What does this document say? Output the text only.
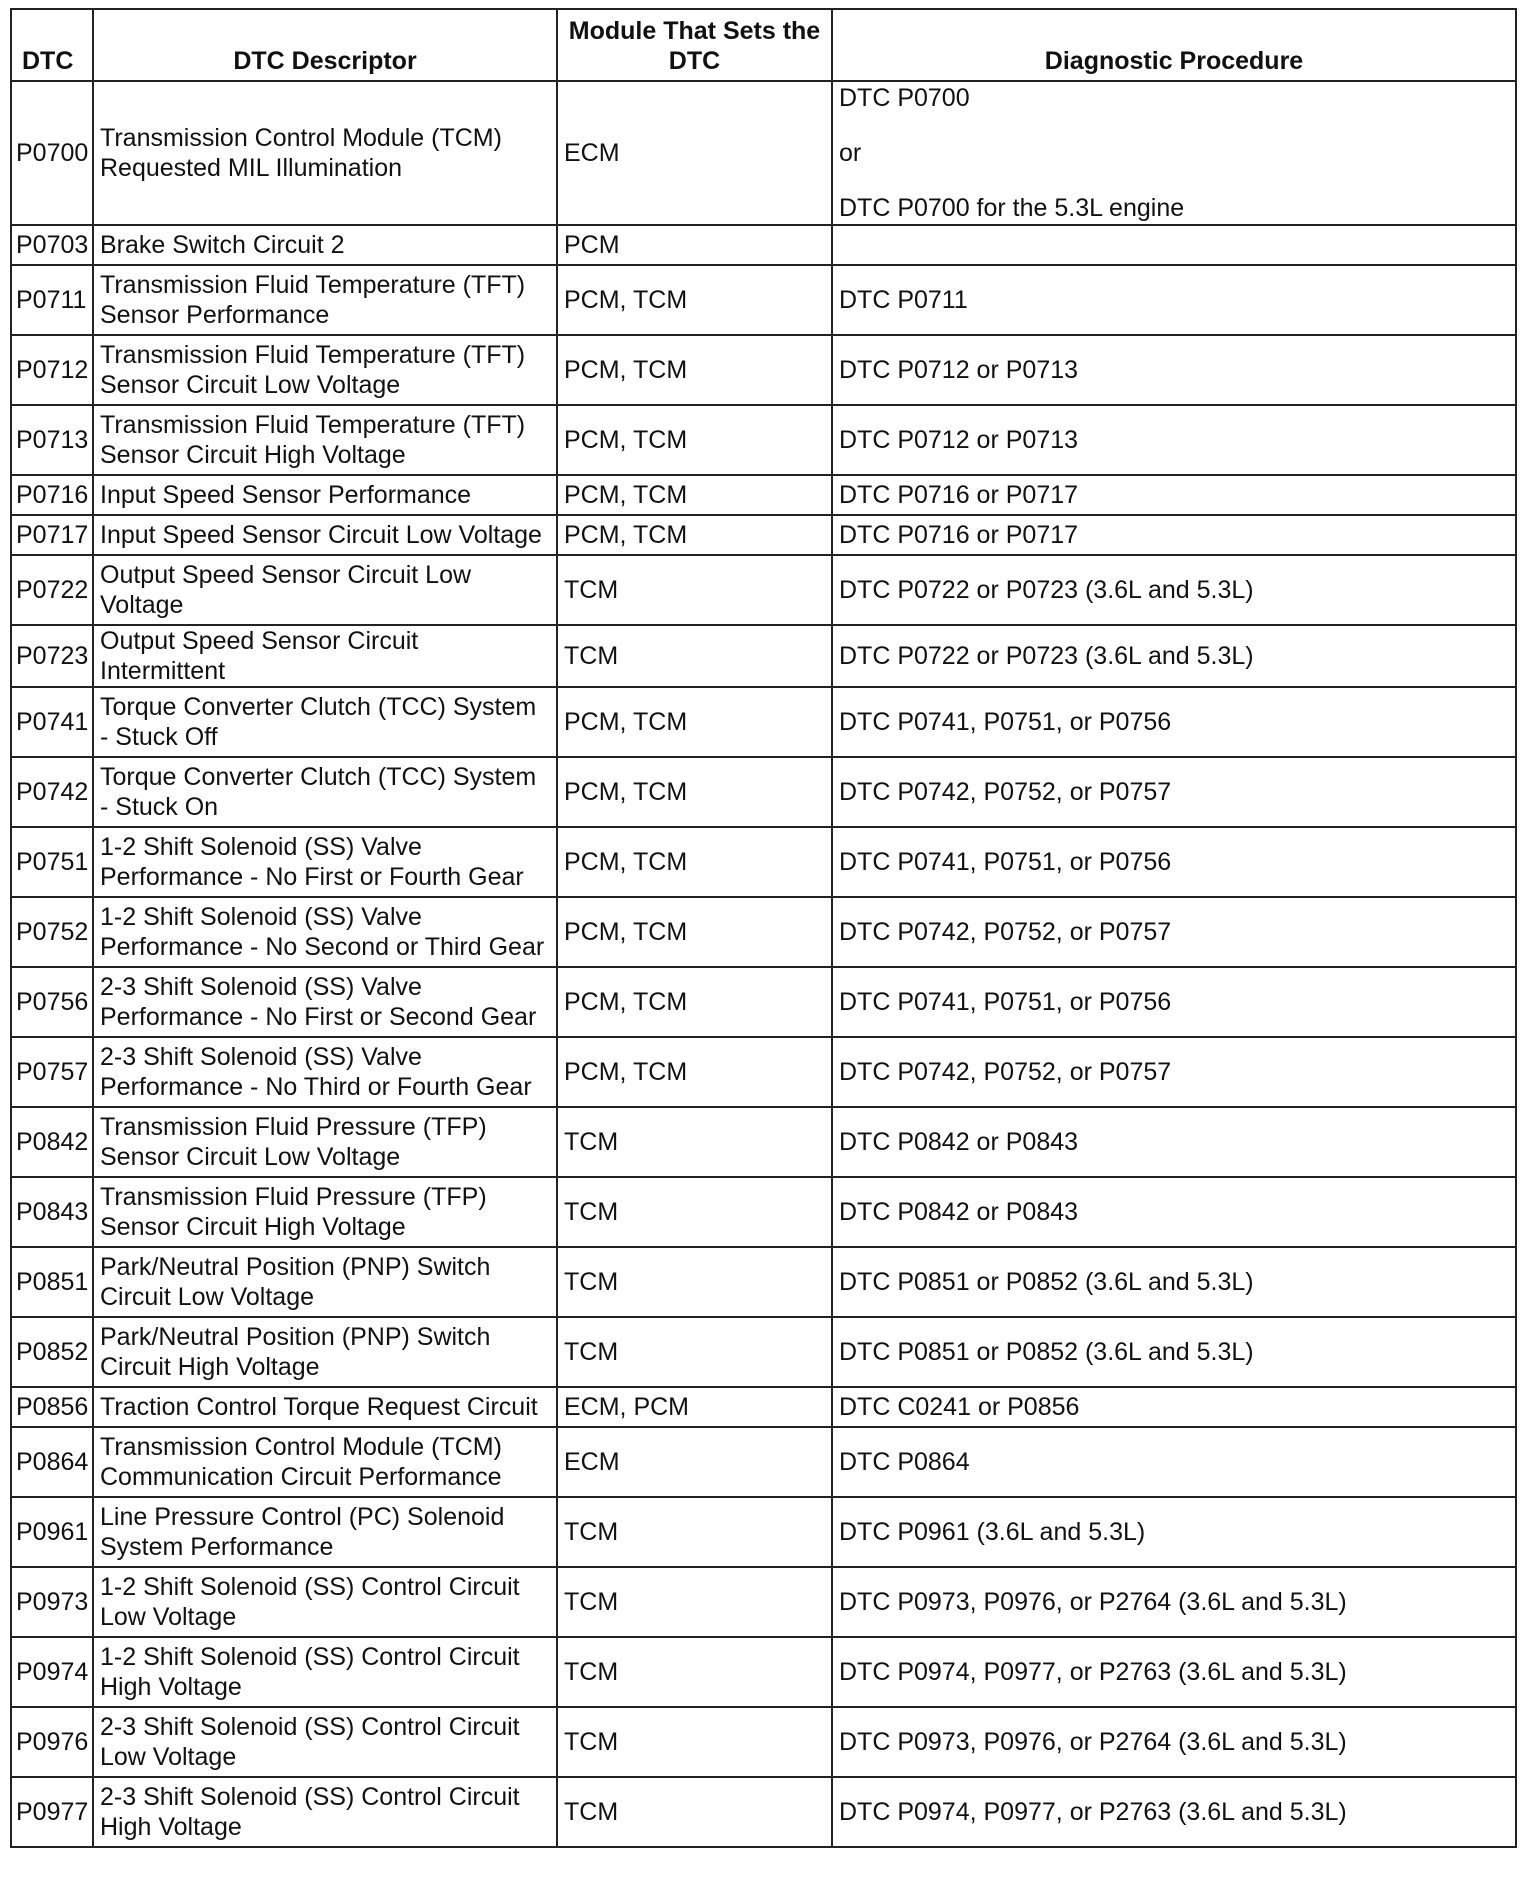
DTC	DTC Descriptor	Module That Sets the
DTC	Diagnostic Procedure
P0700	Transmission Control Module (TCM)
Requested MIL Illumination	ECM	DTC P0700
or
DTC P0700 for the 5.3L engine

P0703	Brake Switch Circuit 2	PCM	
P0711	Transmission Fluid Temperature (TFT)
Sensor Performance	PCM, TCM	DTC P0711
P0712	Transmission Fluid Temperature (TFT)
Sensor Circuit Low Voltage	PCM, TCM	DTC P0712 or P0713
P0713	Transmission Fluid Temperature (TFT)
Sensor Circuit High Voltage	PCM, TCM	DTC P0712 or P0713
P0716	Input Speed Sensor Performance	PCM, TCM	DTC P0716 or P0717
P0717	Input Speed Sensor Circuit Low Voltage	PCM, TCM	DTC P0716 or P0717
P0722	Output Speed Sensor Circuit Low
Voltage	TCM	DTC P0722 or P0723 (3.6L and 5.3L)
P0723	Output Speed Sensor Circuit Intermittent	TCM	DTC P0722 or P0723 (3.6L and 5.3L)
P0741	Torque Converter Clutch (TCC) System
- Stuck Off	PCM, TCM	DTC P0741, P0751, or P0756
P0742	Torque Converter Clutch (TCC) System
- Stuck On	PCM, TCM	DTC P0742, P0752, or P0757
P0751	1-2 Shift Solenoid (SS) Valve
Performance - No First or Fourth Gear	PCM, TCM	DTC P0741, P0751, or P0756
P0752	1-2 Shift Solenoid (SS) Valve
Performance - No Second or Third Gear	PCM, TCM	DTC P0742, P0752, or P0757
P0756	2-3 Shift Solenoid (SS) Valve
Performance - No First or Second Gear	PCM, TCM	DTC P0741, P0751, or P0756
P0757	2-3 Shift Solenoid (SS) Valve
Performance - No Third or Fourth Gear	PCM, TCM	DTC P0742, P0752, or P0757
P0842	Transmission Fluid Pressure (TFP)
Sensor Circuit Low Voltage	TCM	DTC P0842 or P0843
P0843	Transmission Fluid Pressure (TFP)
Sensor Circuit High Voltage	TCM	DTC P0842 or P0843
P0851	Park/Neutral Position (PNP) Switch
Circuit Low Voltage	TCM	DTC P0851 or P0852 (3.6L and 5.3L)
P0852	Park/Neutral Position (PNP) Switch
Circuit High Voltage	TCM	DTC P0851 or P0852 (3.6L and 5.3L)
P0856	Traction Control Torque Request Circuit	ECM, PCM	DTC C0241 or P0856
P0864	Transmission Control Module (TCM)
Communication Circuit Performance	ECM	DTC P0864
P0961	Line Pressure Control (PC) Solenoid
System Performance	TCM	DTC P0961 (3.6L and 5.3L)
P0973	1-2 Shift Solenoid (SS) Control Circuit
Low Voltage	TCM	DTC P0973, P0976, or P2764 (3.6L and 5.3L)
P0974	1-2 Shift Solenoid (SS) Control Circuit
High Voltage	TCM	DTC P0974, P0977, or P2763 (3.6L and 5.3L)
P0976	2-3 Shift Solenoid (SS) Control Circuit
Low Voltage	TCM	DTC P0973, P0976, or P2764 (3.6L and 5.3L)
P0977	2-3 Shift Solenoid (SS) Control Circuit
High Voltage	TCM	DTC P0974, P0977, or P2763 (3.6L and 5.3L)
